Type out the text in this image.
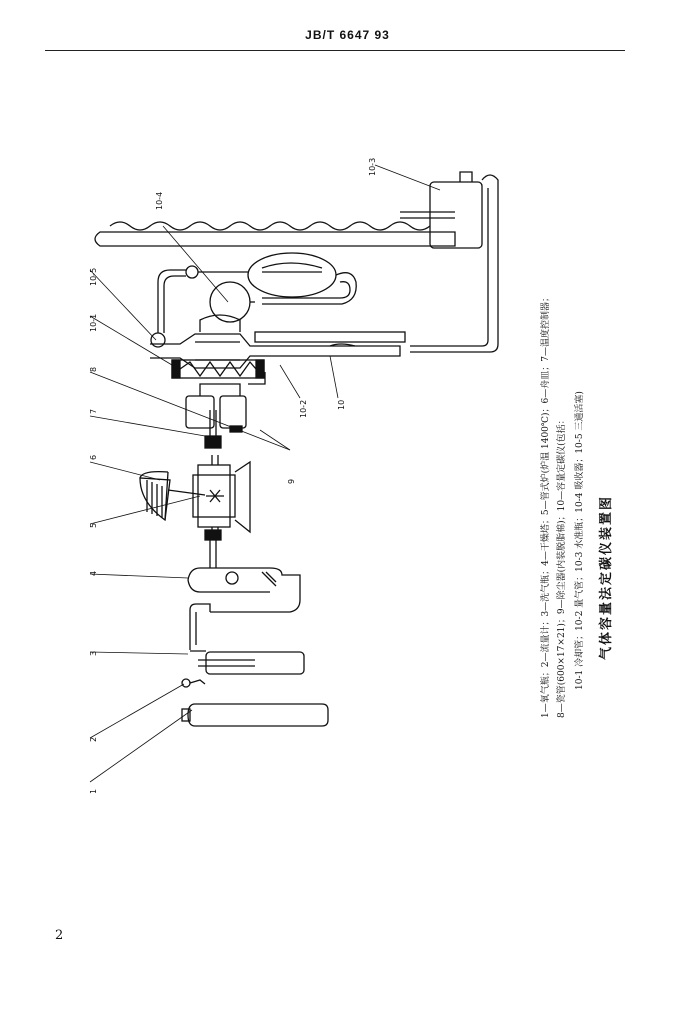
JB/T 6647 93
1
2
3
4
5
6
7
8
9
10
10-1
10-2
10-3
10-4
10-5
1—氧气瓶；2—流量计；3—洗气瓶；4—干燥塔；5—管式炉(炉温 1400℃)；6—舟皿；7—温度控制器； 8—瓷管(600×17×21)；9—除尘器(内装脱脂棉)；10—容量定碳仪(包括： 10-1 冷却管；10-2 量气管；10-3 水准瓶；10-4 吸收器；10-5 三通活塞)	气体容量法定碳仪装置图
2
